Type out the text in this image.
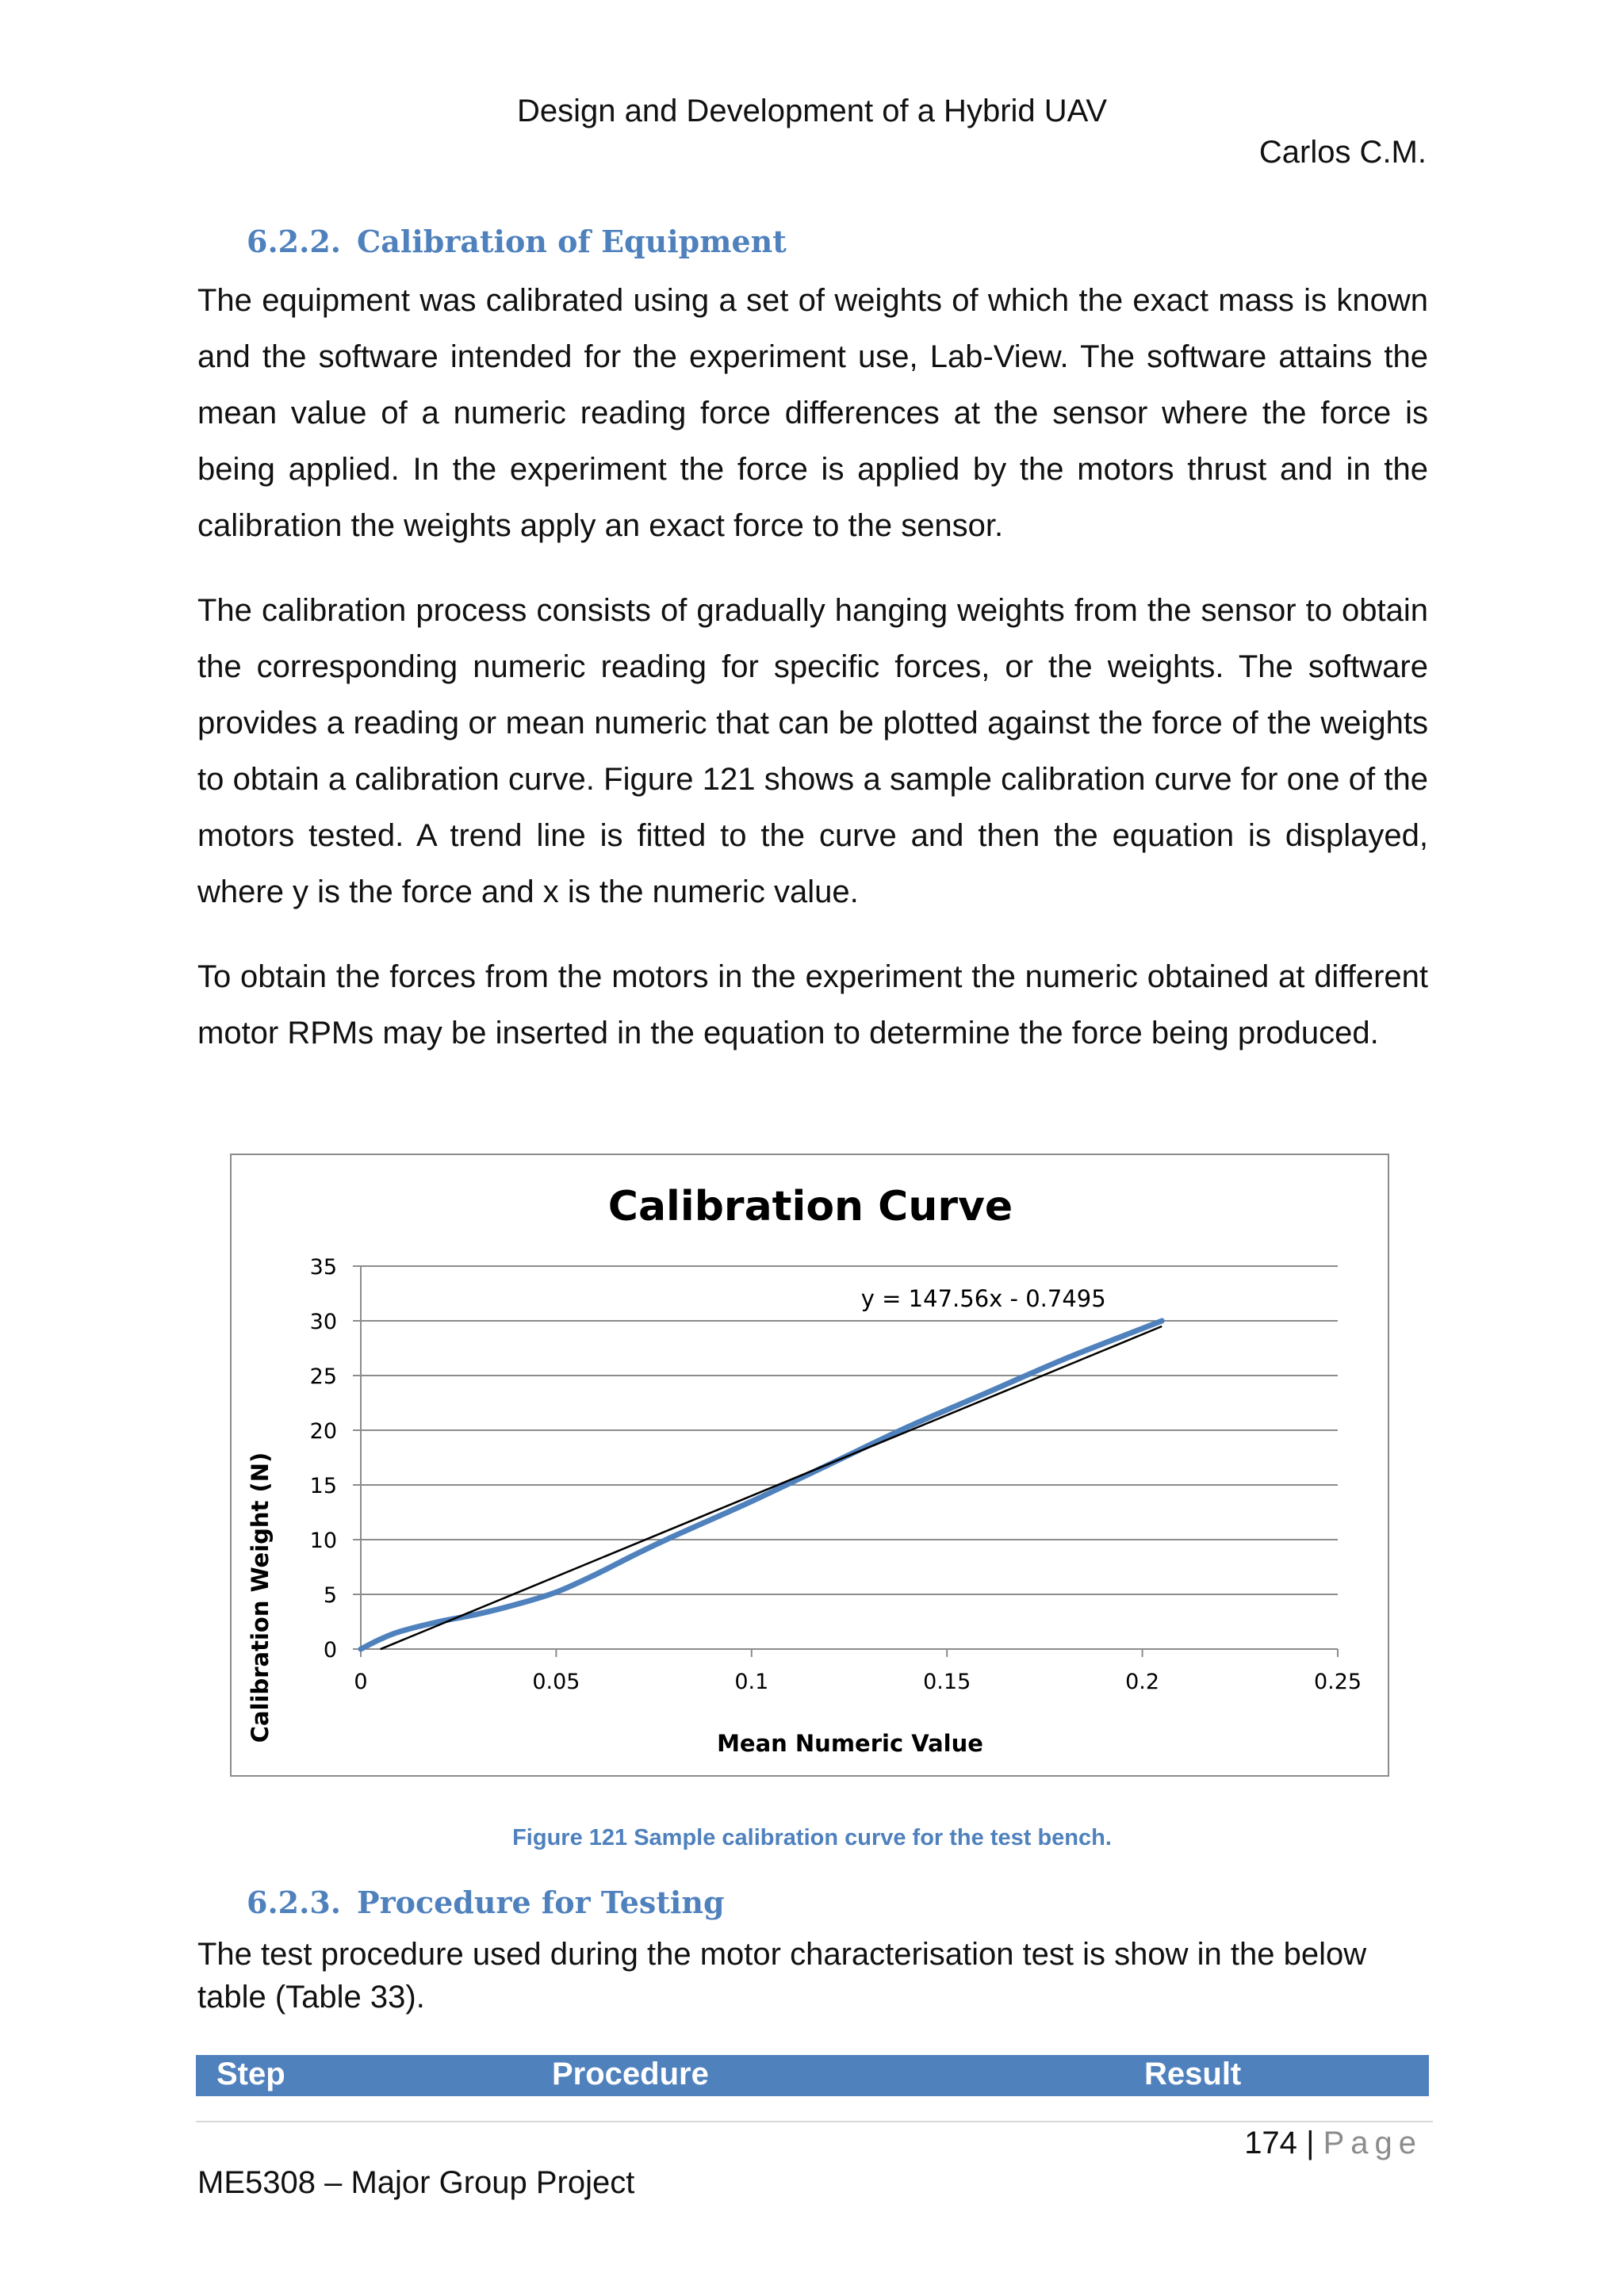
Design and Development of a Hybrid UAV
Carlos C.M.
6.2.2. Calibration of Equipment

The equipment was calibrated using a set of weights of which the exact mass is known and the software intended for the experiment use, Lab-View. The software attains the mean value of a numeric reading force differences at the sensor where the force is being applied. In the experiment the force is applied by the motors thrust and in the calibration the weights apply an exact force to the sensor.

The calibration process consists of gradually hanging weights from the sensor to obtain the corresponding numeric reading for specific forces, or the weights. The software provides a reading or mean numeric that can be plotted against the force of the weights to obtain a calibration curve. Figure 121 shows a sample calibration curve for one of the motors tested. A trend line is fitted to the curve and then the equation is displayed, where y is the force and x is the numeric value.

To obtain the forces from the motors in the experiment the numeric obtained at different motor RPMs may be inserted in the equation to determine the force being produced.

Calibration Curve
0
5
10
15
20
25
30
35
0	0.05	0.1	0.15	0.2	0.25
y = 147.56x - 0.7495
Mean Numeric Value
Calibration Weight (N)
Figure 121 Sample calibration curve for the test bench.
6.2.3. Procedure for Testing

The test procedure used during the motor characterisation test is show in the below table (Table 33).

Step	Procedure	Result
174 | Page
ME5308 – Major Group Project
